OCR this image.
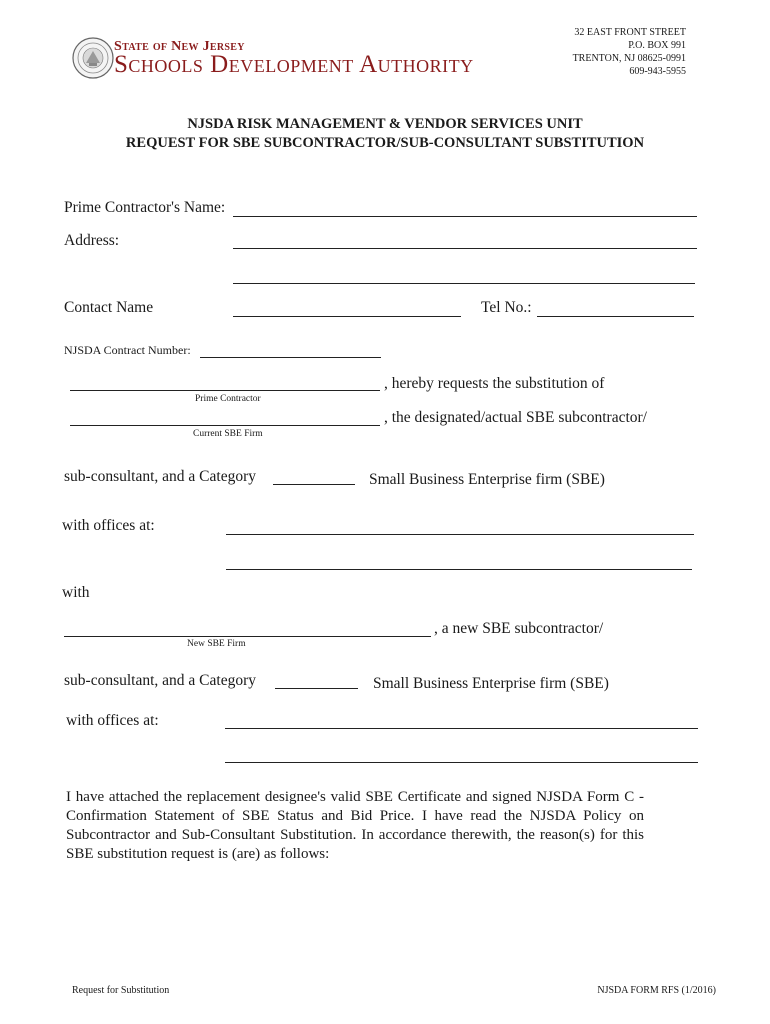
State of New Jersey
Schools Development Authority
32 EAST FRONT STREET
P.O. BOX 991
TRENTON, NJ 08625-0991
609-943-5955
NJSDA RISK MANAGEMENT & VENDOR SERVICES UNIT
REQUEST FOR SBE SUBCONTRACTOR/SUB-CONSULTANT SUBSTITUTION
Prime Contractor's Name:
Address:
Contact Name	Tel No.:
NJSDA Contract Number:
, hereby requests the substitution of
Prime Contractor
, the designated/actual SBE subcontractor/
Current SBE Firm
sub-consultant, and a Category	Small Business Enterprise firm (SBE)
with offices at:
with
, a new SBE subcontractor/
New SBE Firm
sub-consultant, and a Category	Small Business Enterprise firm (SBE)
with offices at:
I have attached the replacement designee's valid SBE Certificate and signed NJSDA Form C - Confirmation Statement of SBE Status and Bid Price. I have read the NJSDA Policy on Subcontractor and Sub-Consultant Substitution. In accordance therewith, the reason(s) for this SBE substitution request is (are) as follows:
Request for Substitution	NJSDA FORM RFS (1/2016)
